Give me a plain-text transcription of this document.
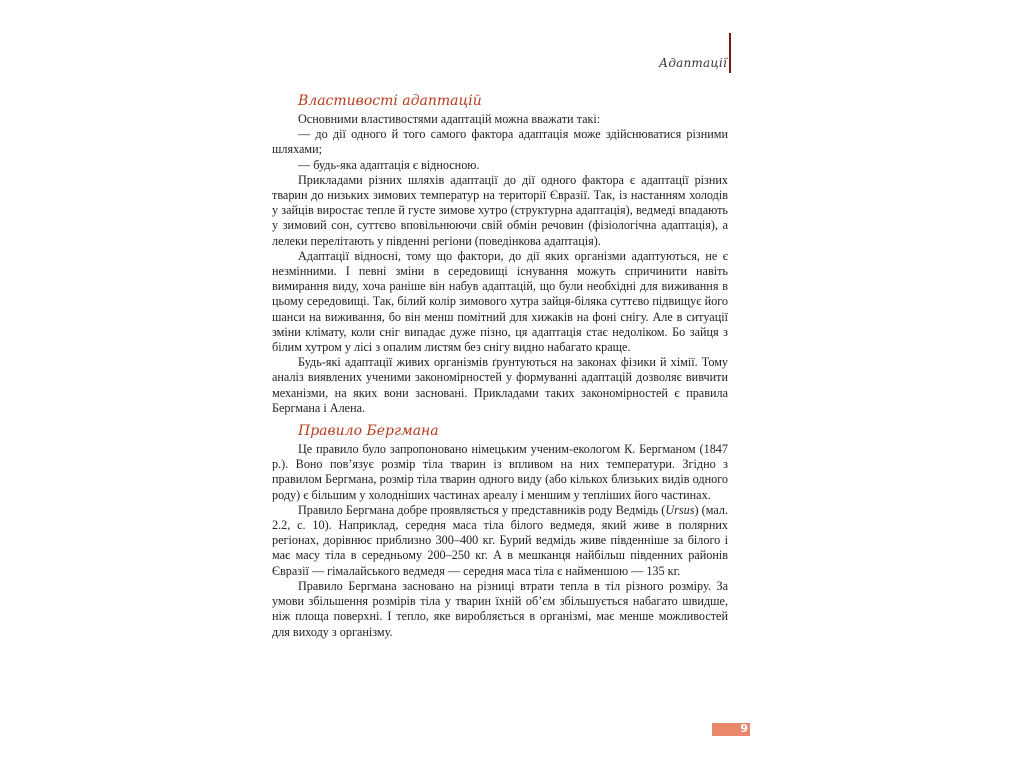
Адаптації
Властивості адаптацій

Основними властивостями адаптацій можна вважати такі:

— до дії одного й того самого фактора адаптація може здійснюватися різними шляхами;

— будь-яка адаптація є відносною.

Прикладами різних шляхів адаптації до дії одного фактора є адаптації різних тварин до низьких зимових температур на території Євразії. Так, із настанням холодів у зайців виростає тепле й густе зимове хутро (структурна адаптація), ведмеді впадають у зимовий сон, суттєво вповільнюючи свій обмін речовин (фізіологічна адаптація), а лелеки перелітають у південні регіони (поведінкова адаптація).

Адаптації відносні, тому що фактори, до дії яких організми адаптуються, не є незмінними. І певні зміни в середовищі існування можуть спричинити навіть вимирання виду, хоча раніше він набув адаптацій, що були необхідні для виживання в цьому середовищі. Так, білий колір зимового хутра зайця-біляка суттєво підвищує його шанси на виживання, бо він менш помітний для хижаків на фоні снігу. Але в ситуації зміни клімату, коли сніг випадає дуже пізно, ця адаптація стає недоліком. Бо зайця з білим хутром у лісі з опалим листям без снігу видно набагато краще.

Будь-які адаптації живих організмів ґрунтуються на законах фізики й хімії. Тому аналіз виявлених ученими закономірностей у формуванні адаптацій дозволяє вивчити механізми, на яких вони засновані. Прикладами таких закономірностей є правила Бергмана і Алена.

Правило Бергмана

Це правило було запропоновано німецьким ученим-екологом К. Бергманом (1847 р.). Воно пов’язує розмір тіла тварин із впливом на них температури. Згідно з правилом Бергмана, розмір тіла тварин одного виду (або кількох близьких видів одного роду) є більшим у холодніших частинах ареалу і меншим у тепліших його частинах.

Правило Бергмана добре проявляється у представників роду Ведмідь (Ursus) (мал. 2.2, с. 10). Наприклад, середня маса тіла білого ведмедя, який живе в полярних регіонах, дорівнює приблизно 300–400 кг. Бурий ведмідь живе південніше за білого і має масу тіла в середньому 200–250 кг. А в мешканця найбільш південних районів Євразії — гімалайського ведмедя — середня маса тіла є найменшою — 135 кг.

Правило Бергмана засновано на різниці втрати тепла в тіл різного розміру. За умови збільшення розмірів тіла у тварин їхній об’єм збільшується набагато швидше, ніж площа поверхні. І тепло, яке виробляється в організмі, має менше можливостей для виходу з організму.

9
